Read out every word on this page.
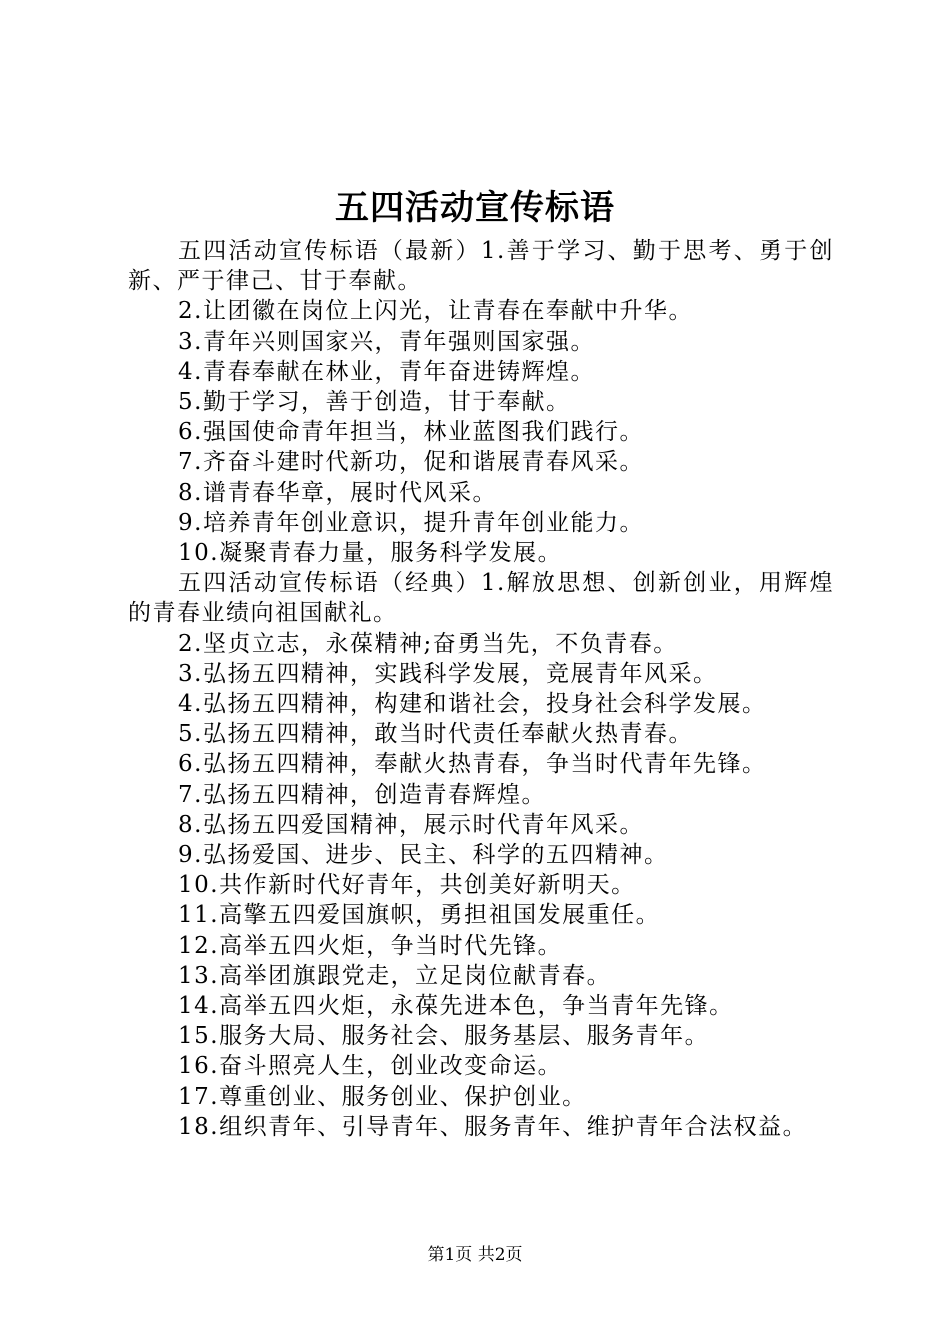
五四活动宣传标语

五四活动宣传标语（最新）1.善于学习、勤于思考、勇于创新、严于律己、甘于奉献。

2.让团徽在岗位上闪光，让青春在奉献中升华。

3.青年兴则国家兴，青年强则国家强。

4.青春奉献在林业，青年奋进铸辉煌。

5.勤于学习，善于创造，甘于奉献。

6.强国使命青年担当，林业蓝图我们践行。

7.齐奋斗建时代新功，促和谐展青春风采。

8.谱青春华章，展时代风采。

9.培养青年创业意识，提升青年创业能力。

10.凝聚青春力量，服务科学发展。

五四活动宣传标语（经典）1.解放思想、创新创业，用辉煌的青春业绩向祖国献礼。

2.坚贞立志，永葆精神;奋勇当先，不负青春。

3.弘扬五四精神，实践科学发展，竞展青年风采。

4.弘扬五四精神，构建和谐社会，投身社会科学发展。

5.弘扬五四精神，敢当时代责任奉献火热青春。

6.弘扬五四精神，奉献火热青春，争当时代青年先锋。

7.弘扬五四精神，创造青春辉煌。

8.弘扬五四爱国精神，展示时代青年风采。

9.弘扬爱国、进步、民主、科学的五四精神。

10.共作新时代好青年，共创美好新明天。

11.高擎五四爱国旗帜，勇担祖国发展重任。

12.高举五四火炬，争当时代先锋。

13.高举团旗跟党走，立足岗位献青春。

14.高举五四火炬，永葆先进本色，争当青年先锋。

15.服务大局、服务社会、服务基层、服务青年。

16.奋斗照亮人生，创业改变命运。

17.尊重创业、服务创业、保护创业。

18.组织青年、引导青年、服务青年、维护青年合法权益。

第1页 共2页
